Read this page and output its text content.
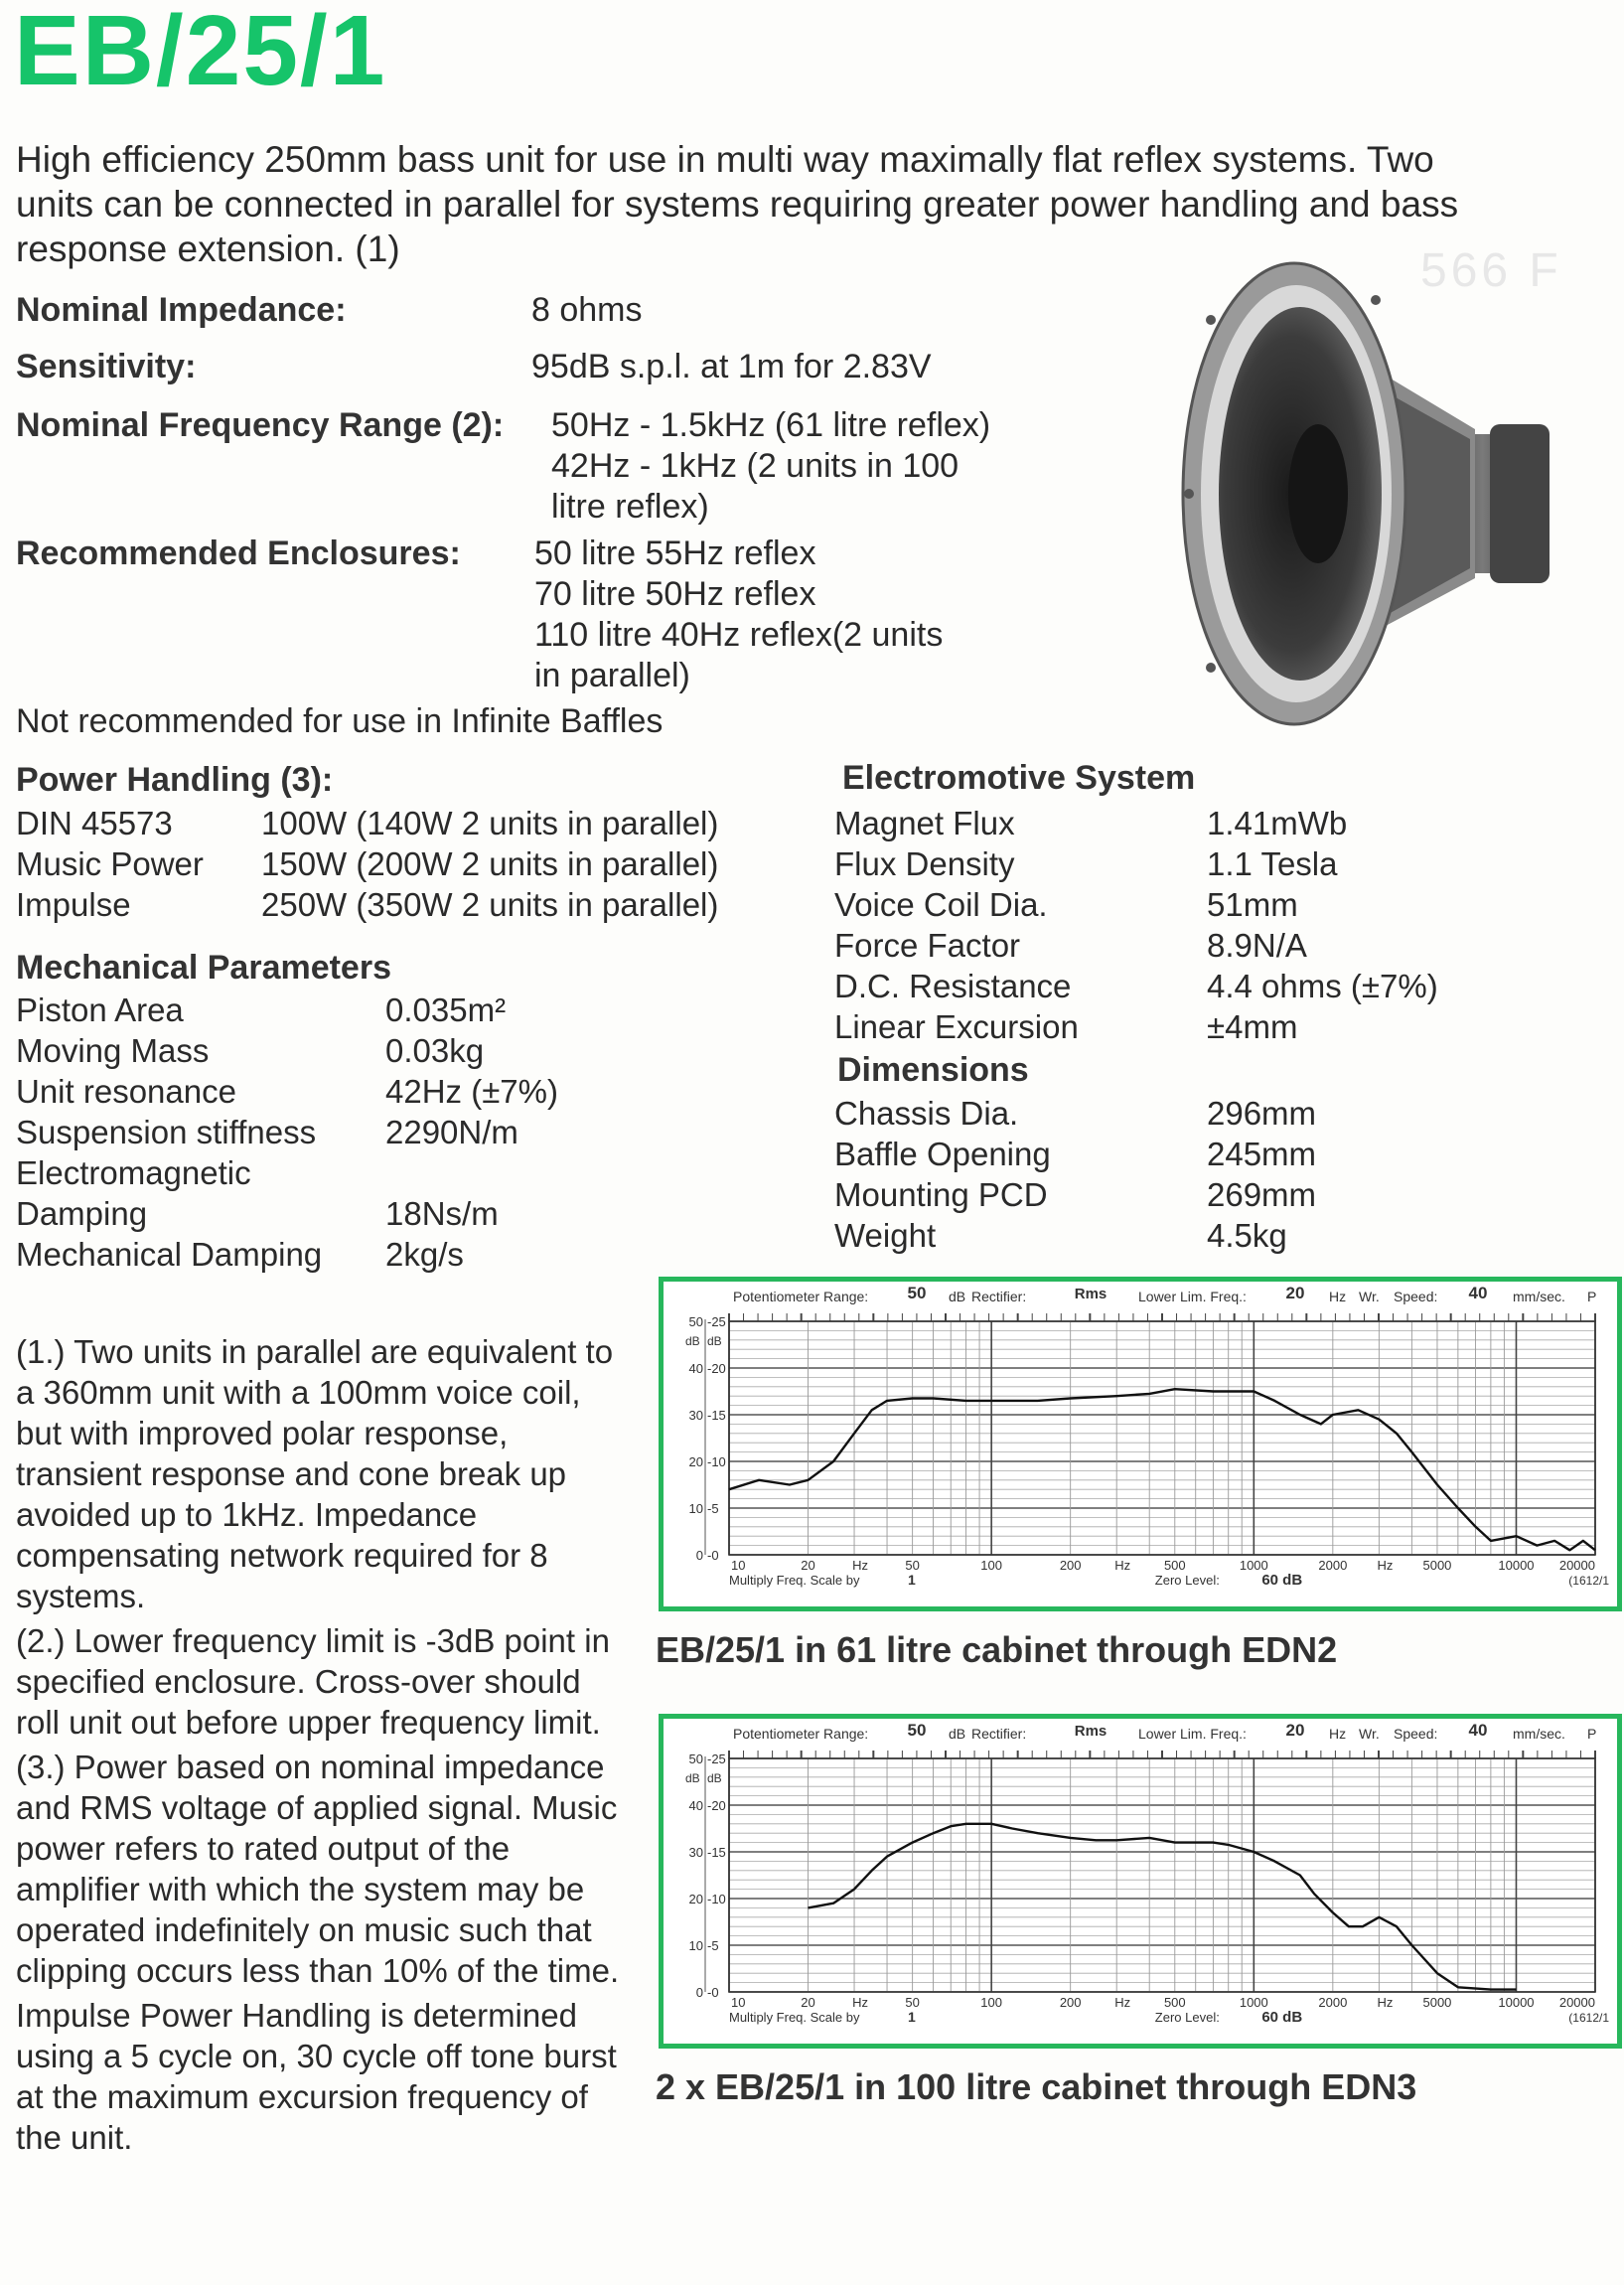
EB/25/1

High efficiency 250mm bass unit for use in multi way maximally flat reflex systems. Two units can be connected in parallel for systems requiring greater power handling and bass response extension. (1)	566 F
Nominal Impedance:	8 ohms
Sensitivity:	95dB s.p.l. at 1m for 2.83V
Nominal Frequency Range (2): 50Hz - 1.5kHz (61 litre reflex)
42Hz - 1kHz (2 units in 100
litre reflex)
Recommended Enclosures: 50 litre 55Hz reflex
70 litre 50Hz reflex
110 litre 40Hz reflex(2 units
in parallel)
Not recommended for use in Infinite Baffles
Power Handling (3):
DIN 45573	100W (140W 2 units in parallel)
Music Power 150W (200W 2 units in parallel)
Impulse	250W (350W 2 units in parallel)
Mechanical Parameters
Piston Area	0.035m²
Moving Mass	0.03kg
Unit resonance	42Hz (±7%)
Suspension stiffness 2290N/m
Electromagnetic
Damping	18Ns/m
Mechanical Damping 2kg/s
Electromotive System
Magnet Flux	1.41mWb
Flux Density	1.1 Tesla
Voice Coil Dia.	51mm
Force Factor	8.9N/A
D.C. Resistance	4.4 ohms (±7%)
Linear Excursion	±4mm
Dimensions
Chassis Dia.	296mm
Baffle Opening	245mm
Mounting PCD	269mm
Weight	4.5kg

(1.) Two units in parallel are equivalent to a 360mm unit with a 100mm voice coil, but with improved polar response, transient response and cone break up avoided up to 1kHz. Impedance compensating network required for 8 systems.

(2.) Lower frequency limit is -3dB point in specified enclosure. Cross-over should roll unit out before upper frequency limit.

(3.) Power based on nominal impedance and RMS voltage of applied signal. Music power refers to rated output of the amplifier with which the system may be operated indefinitely on music such that clipping occurs less than 10% of the time.

Impulse Power Handling is determined using a 5 cycle on, 30 cycle off tone burst at the maximum excursion frequency of the unit.

Potentiometer Range: 50 dB Rectifier:	Rms Lower Lim. Freq.: 20 Hz Wr. Speed: 40 mm/sec. P
50 -25
40 -20
30 -15
20 -10
10 -5
0 -0
dB dB
10	20	50	100	200	500	1000	2000	5000	10000 20000
Hz	Hz	Hz
Multiply Freq. Scale by	1	Zero Level:	60 dB	(1612/1
EB/25/1 in 61 litre cabinet through EDN2
Potentiometer Range: 50 dB Rectifier:	Rms Lower Lim. Freq.: 20 Hz Wr. Speed: 40 mm/sec. P
50 -25
40 -20
30 -15
20 -10
10 -5
0 -0
dB dB
10	20	50	100	200	500	1000	2000	5000	10000 20000
Hz	Hz	Hz
Multiply Freq. Scale by	1	Zero Level:	60 dB	(1612/1
2 x EB/25/1 in 100 litre cabinet through EDN3
